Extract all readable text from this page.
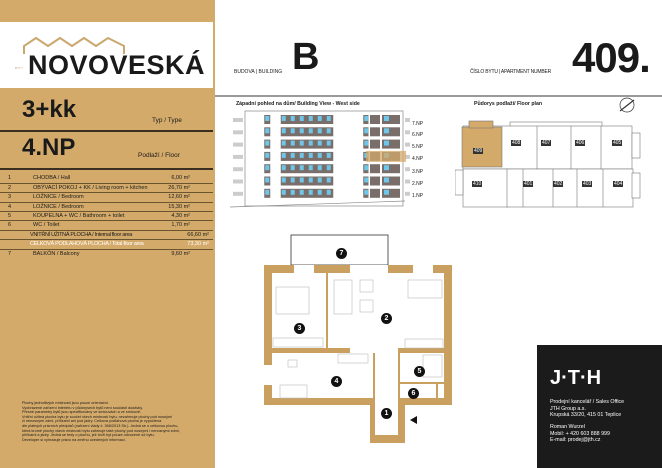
NOVOVESKÁ
BYTY
3+kk	Typ / Type
4.NP	Podlaží / Floor
1	CHODBA / Hall	6,00 m²
2	OBÝVACÍ POKOJ + KK / Living room + kitchen	26,70 m²
3	LOŽNICE / Bedroom	12,60 m²
4	LOŽNICE / Bedroom	15,30 m²
5	KOUPELNA + WC / Bathroom + toilet	4,30 m²
6	WC / Toilet	1,70 m²
VNITŘNÍ UŽITNÁ PLOCHA / Internal floor area	66,60 m²
CELKOVÁ PODLAHOVÁ PLOCHA / Total floor area	73,30 m²
7	BALKÓN / Balcony	9,60 m²
Plochy jednotlivých místností jsou pouze orientační.
Vyobrazené zařízení interiéru v půdorysech bytů není součástí dodávky.
Přesné parametry bytů jsou specifikovány ve smlouvách a ve smlouvě.
Vnitřní užitná plocha bytu je součet všech místností bytu, nezahrnuje plochy pod nosnými
či nenosnými zdmi, příčkami ani pod jádry. Celková podlahová plocha je vypočtena
dle platných právních předpisů (nařízení vlády č. 366/2013 Sb.). Jedná se o celkovou plochu,
která kromě plochy všech místností bytu zahrnuje také plochy pod nosnými i nenosnými zdmi,
příčkami a jádry. Jedná se tedy o plochu, jež tvoří byt pouze odvozené od bytu.
Developer si vyhrazuje právo na změnu uvedených informací.
BUDOVA | BUILDING B	ČÍSLO BYTU | APARTMENT NUMBER 409.
Západní pohled na dům/ Building View - West side
7.NP
6.NP
5.NP
4.NP
3.NP
2.NP
1.NP
Půdorys podlaží/ Floor plan
409
408	407	406	405
410	401	402	403	404
7
2
3
4
5
6
1
J·T·H
Prodejní kancelář / Sales Office
JTH Group a.s.
Krupská 33/20, 415 01 Teplice
Roman Wurzel
Mobil: + 420 603 888 999
E-mail: prodej@jth.cz
